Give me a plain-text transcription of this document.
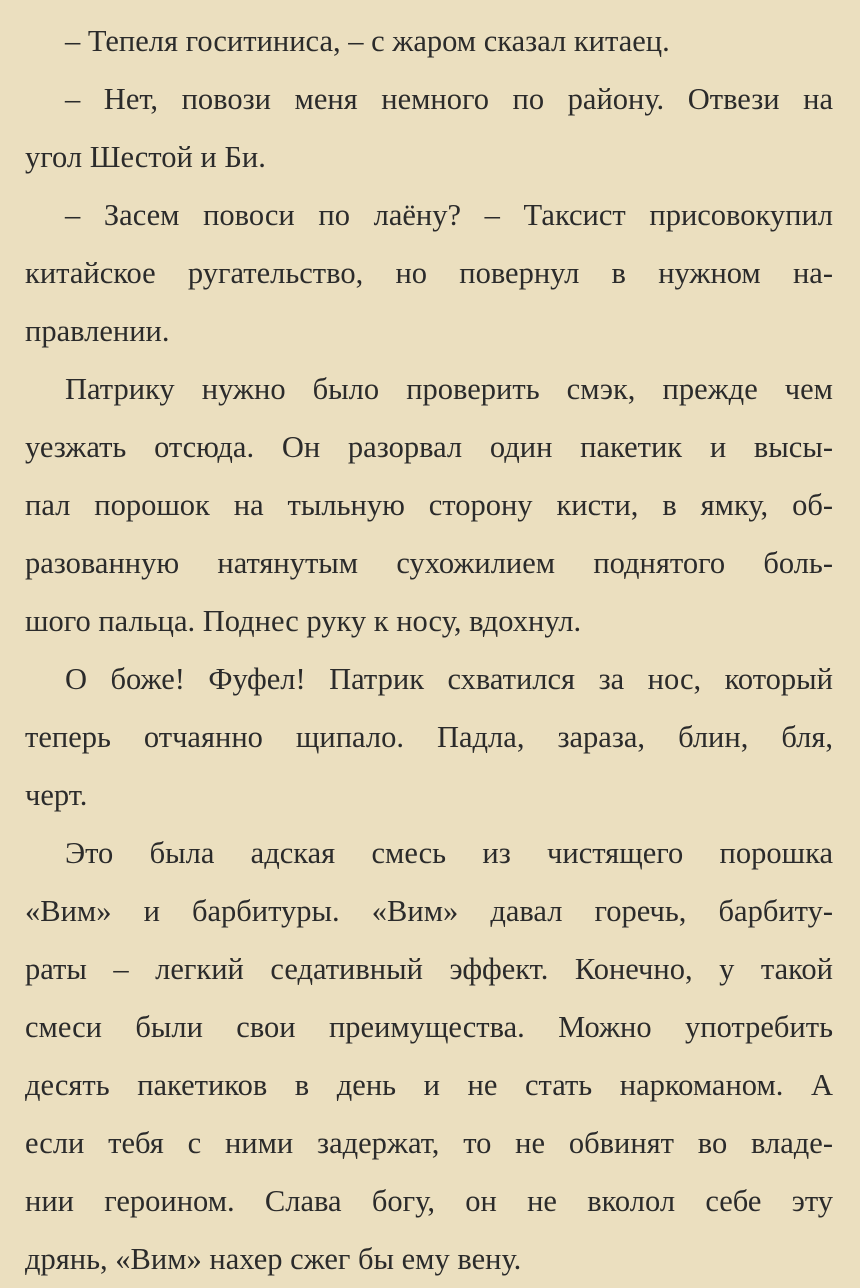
– Тепеля госитиниса, – с жаром сказал китаец.
– Нет, повози меня немного по району. Отвези на
угол Шестой и Би.
– Засем повоси по лаёну? – Таксист присовокупил
китайское ругательство, но повернул в нужном на-
правлении.
Патрику нужно было проверить смэк, прежде чем
уезжать отсюда. Он разорвал один пакетик и высы-
пал порошок на тыльную сторону кисти, в ямку, об-
разованную натянутым сухожилием поднятого боль-
шого пальца. Поднес руку к носу, вдохнул.
О боже! Фуфел! Патрик схватился за нос, который
теперь отчаянно щипало. Падла, зараза, блин, бля,
черт.
Это была адская смесь из чистящего порошка
«Вим» и барбитуры. «Вим» давал горечь, барбиту-
раты – легкий седативный эффект. Конечно, у такой
смеси были свои преимущества. Можно употребить
десять пакетиков в день и не стать наркоманом. А
если тебя с ними задержат, то не обвинят во владе-
нии героином. Слава богу, он не вколол себе эту
дрянь, «Вим» нахер сжег бы ему вену.
